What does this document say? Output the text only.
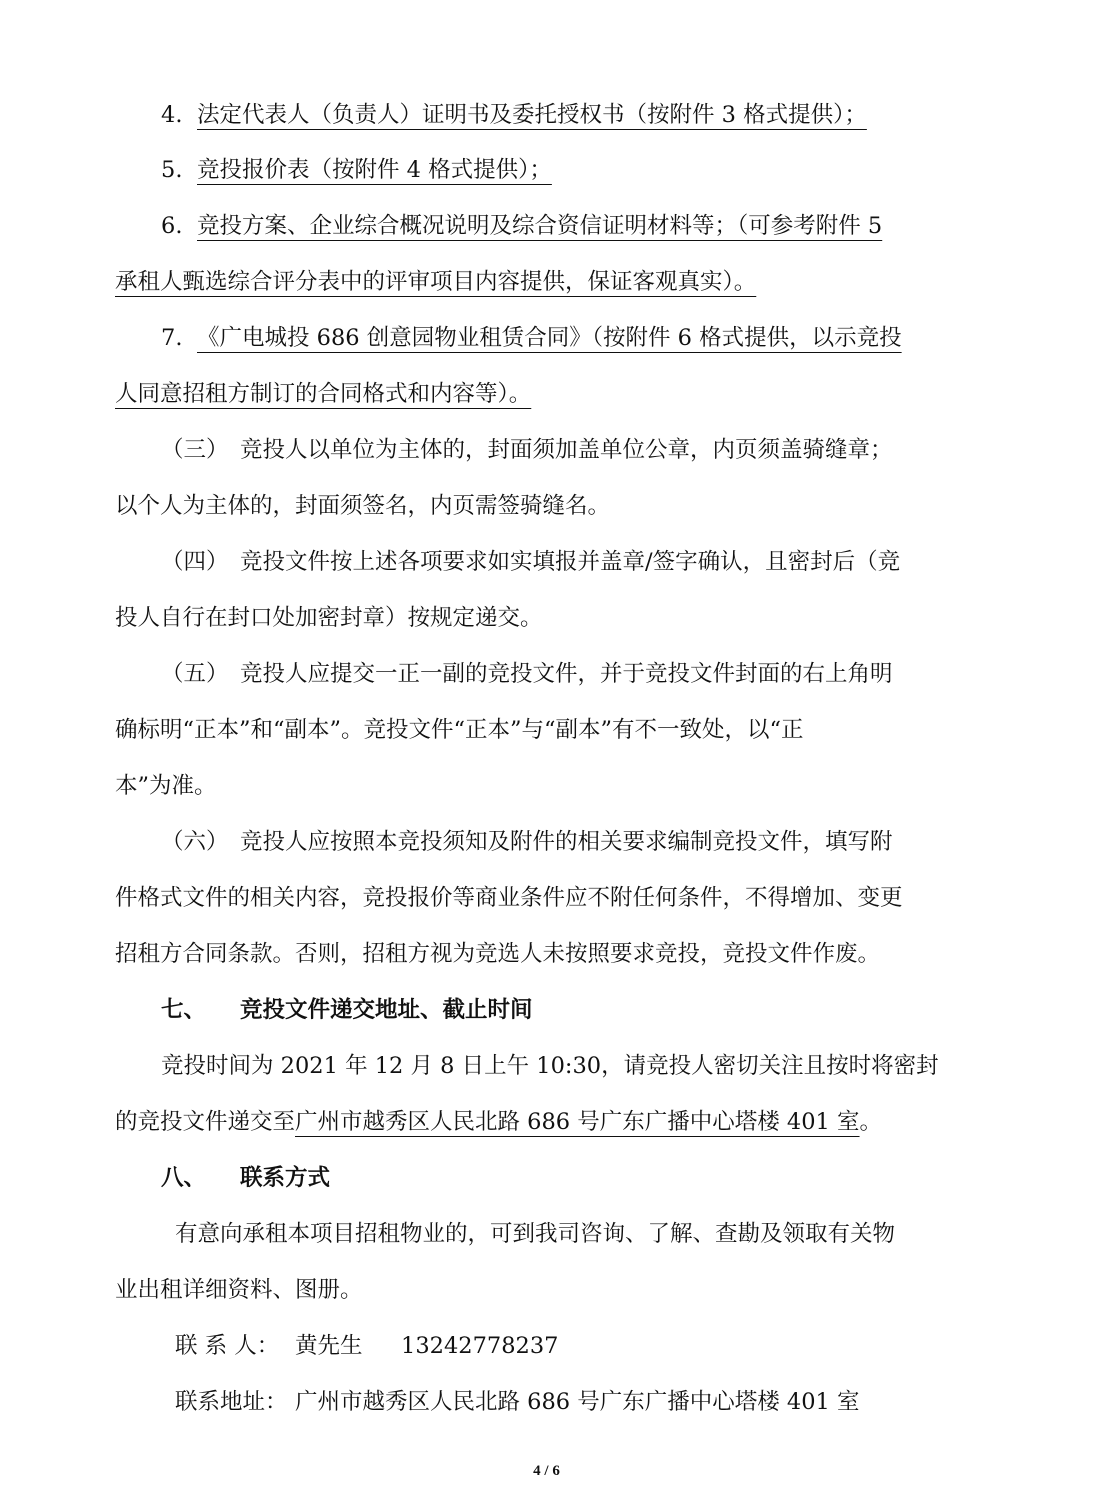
4. 法定代表人（负责人）证明书及委托授权书（按附件 3 格式提供）；
5. 竞投报价表（按附件 4 格式提供）；
6. 竞投方案、企业综合概况说明及综合资信证明材料等；（可参考附件 5
承租人甄选综合评分表中的评审项目内容提供，保证客观真实）。
7. 《广电城投 686 创意园物业租赁合同》（按附件 6 格式提供，以示竞投
人同意招租方制订的合同格式和内容等）。
（三） 竞投人以单位为主体的，封面须加盖单位公章，内页须盖骑缝章；
以个人为主体的，封面须签名，内页需签骑缝名。
（四） 竞投文件按上述各项要求如实填报并盖章/签字确认，且密封后（竞
投人自行在封口处加密封章）按规定递交。
（五） 竞投人应提交一正一副的竞投文件，并于竞投文件封面的右上角明
确标明“正本”和“副本”。竞投文件“正本”与“副本”有不一致处，以“正
本”为准。
（六） 竞投人应按照本竞投须知及附件的相关要求编制竞投文件，填写附
件格式文件的相关内容，竞投报价等商业条件应不附任何条件，不得增加、变更
招租方合同条款。否则，招租方视为竞选人未按照要求竞投，竞投文件作废。
七、 竞投文件递交地址、截止时间
竞投时间为 2021 年 12 月 8 日上午 10:30，请竞投人密切关注且按时将密封
的竞投文件递交至广州市越秀区人民北路 686 号广东广播中心塔楼 401 室。
八、 联系方式
有意向承租本项目招租物业的，可到我司咨询、了解、查勘及领取有关物
业出租详细资料、图册。
联 系 人： 黄先生 13242778237
联系地址： 广州市越秀区人民北路 686 号广东广播中心塔楼 401 室
4 / 6
